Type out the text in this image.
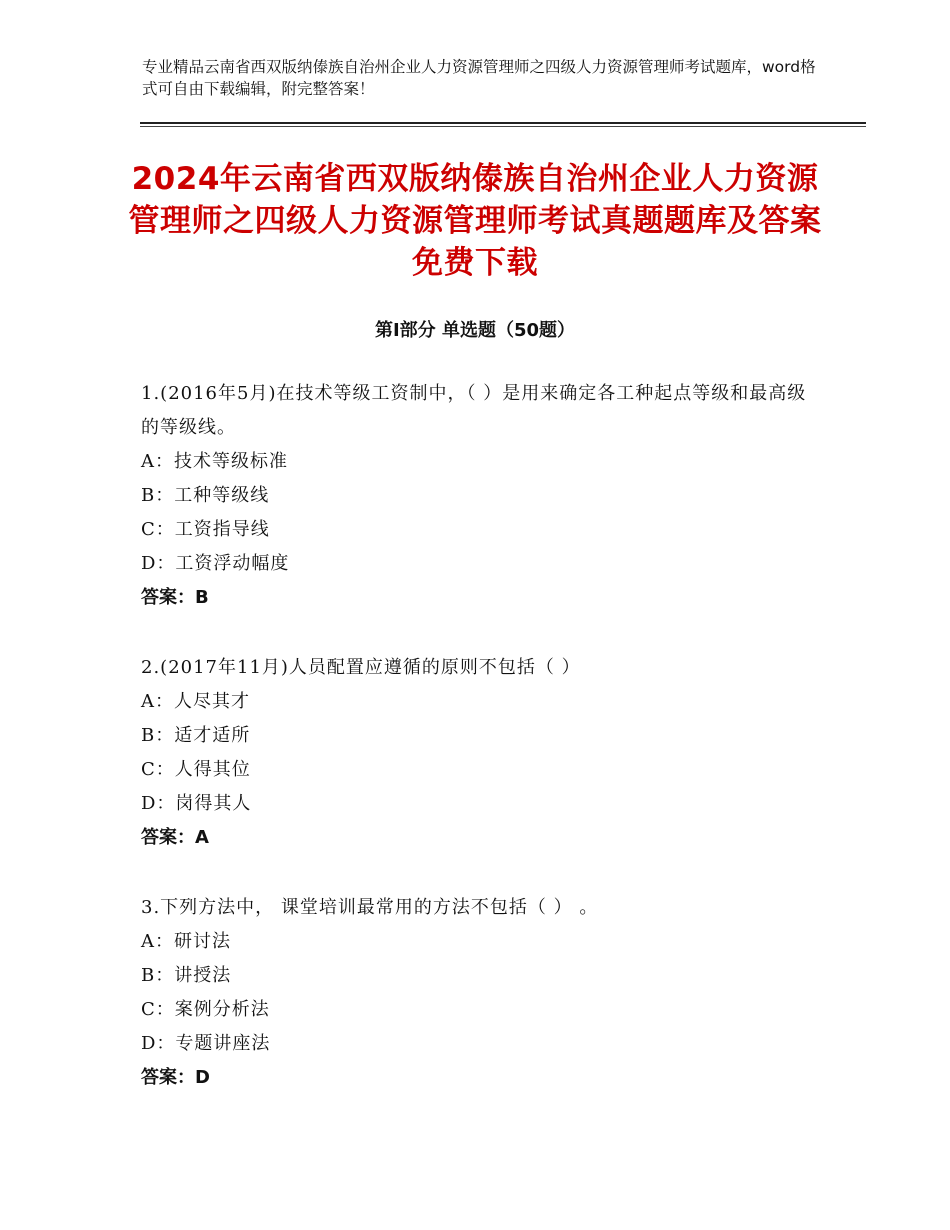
专业精品云南省西双版纳傣族自治州企业人力资源管理师之四级人力资源管理师考试题库，word格式可自由下载编辑，附完整答案！
2024年云南省西双版纳傣族自治州企业人力资源管理师之四级人力资源管理师考试真题题库及答案免费下载
第Ⅰ部分 单选题（50题）

1.(2016年5月)在技术等级工资制中，（ ）是用来确定各工种起点等级和最高级的等级线。

A：技术等级标准
B：工种等级线
C：工资指导线
D：工资浮动幅度
答案：B

2.(2017年11月)人员配置应遵循的原则不包括（ ）

A：人尽其才
B：适才适所
C：人得其位
D：岗得其人
答案：A

3.下列方法中， 课堂培训最常用的方法不包括（ ） 。

A：研讨法
B：讲授法
C：案例分析法
D：专题讲座法
答案：D
